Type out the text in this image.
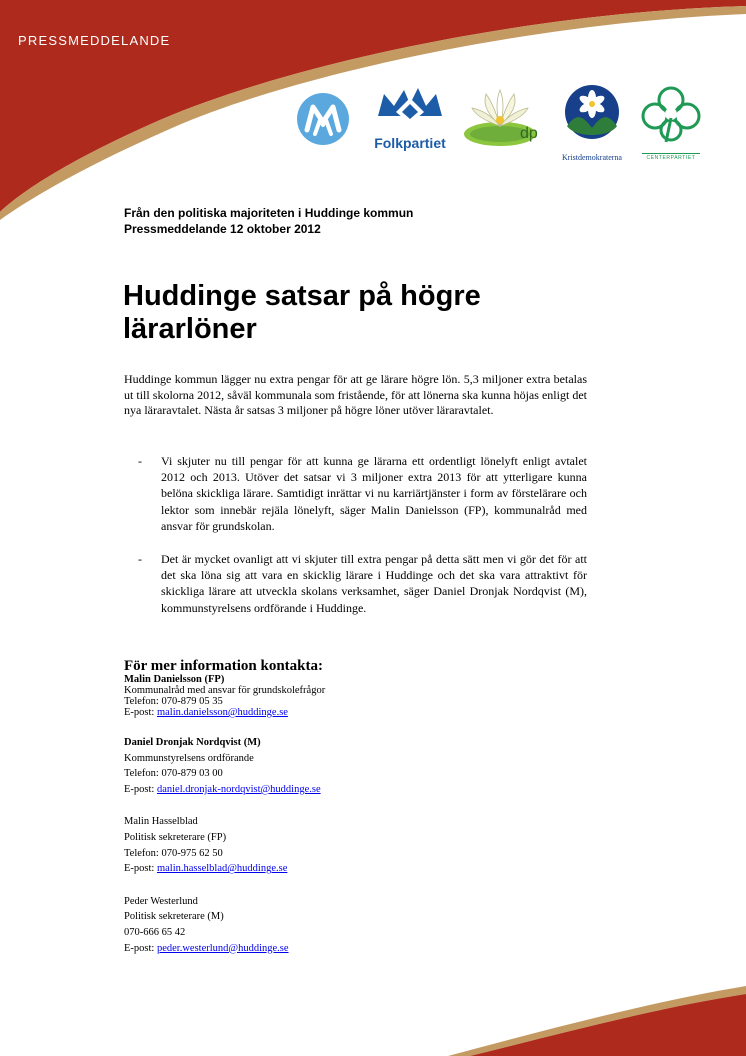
PRESSMEDDELANDE
Folkpartiet
dp
Kristdemokraterna	CENTERPARTIET
Från den politiska majoriteten i Huddinge kommun
Pressmeddelande 12 oktober 2012
Huddinge satsar på högre
lärarlöner

Huddinge kommun lägger nu extra pengar för att ge lärare högre lön. 5,3 miljoner extra betalas ut till skolorna 2012, såväl kommunala som fristående, för att lönerna ska kunna höjas enligt det nya läraravtalet. Nästa år satsas 3 miljoner på högre löner utöver läraravtalet.

- Vi skjuter nu till pengar för att kunna ge lärarna ett ordentligt lönelyft enligt avtalet 2012 och 2013. Utöver det satsar vi 3 miljoner extra 2013 för att ytterligare kunna belöna skickliga lärare. Samtidigt inrättar vi nu karriärtjänster i form av förstelärare och lektor som innebär rejäla lönelyft, säger Malin Danielsson (FP), kommunalråd med ansvar för grundskolan.
- Det är mycket ovanligt att vi skjuter till extra pengar på detta sätt men vi gör det för att det ska löna sig att vara en skicklig lärare i Huddinge och det ska vara attraktivt för skickliga lärare att utveckla skolans verksamhet, säger Daniel Dronjak Nordqvist (M), kommunstyrelsens ordförande i Huddinge.
För mer information kontakta:
Malin Danielsson (FP)
Kommunalråd med ansvar för grundskolefrågor
Telefon: 070-879 05 35
E-post: malin.danielsson@huddinge.se
Daniel Dronjak Nordqvist (M)
Kommunstyrelsens ordförande
Telefon: 070-879 03 00
E-post: daniel.dronjak-nordqvist@huddinge.se
Malin Hasselblad
Politisk sekreterare (FP)
Telefon: 070-975 62 50
E-post: malin.hasselblad@huddinge.se
Peder Westerlund
Politisk sekreterare (M)
070-666 65 42
E-post: peder.westerlund@huddinge.se
